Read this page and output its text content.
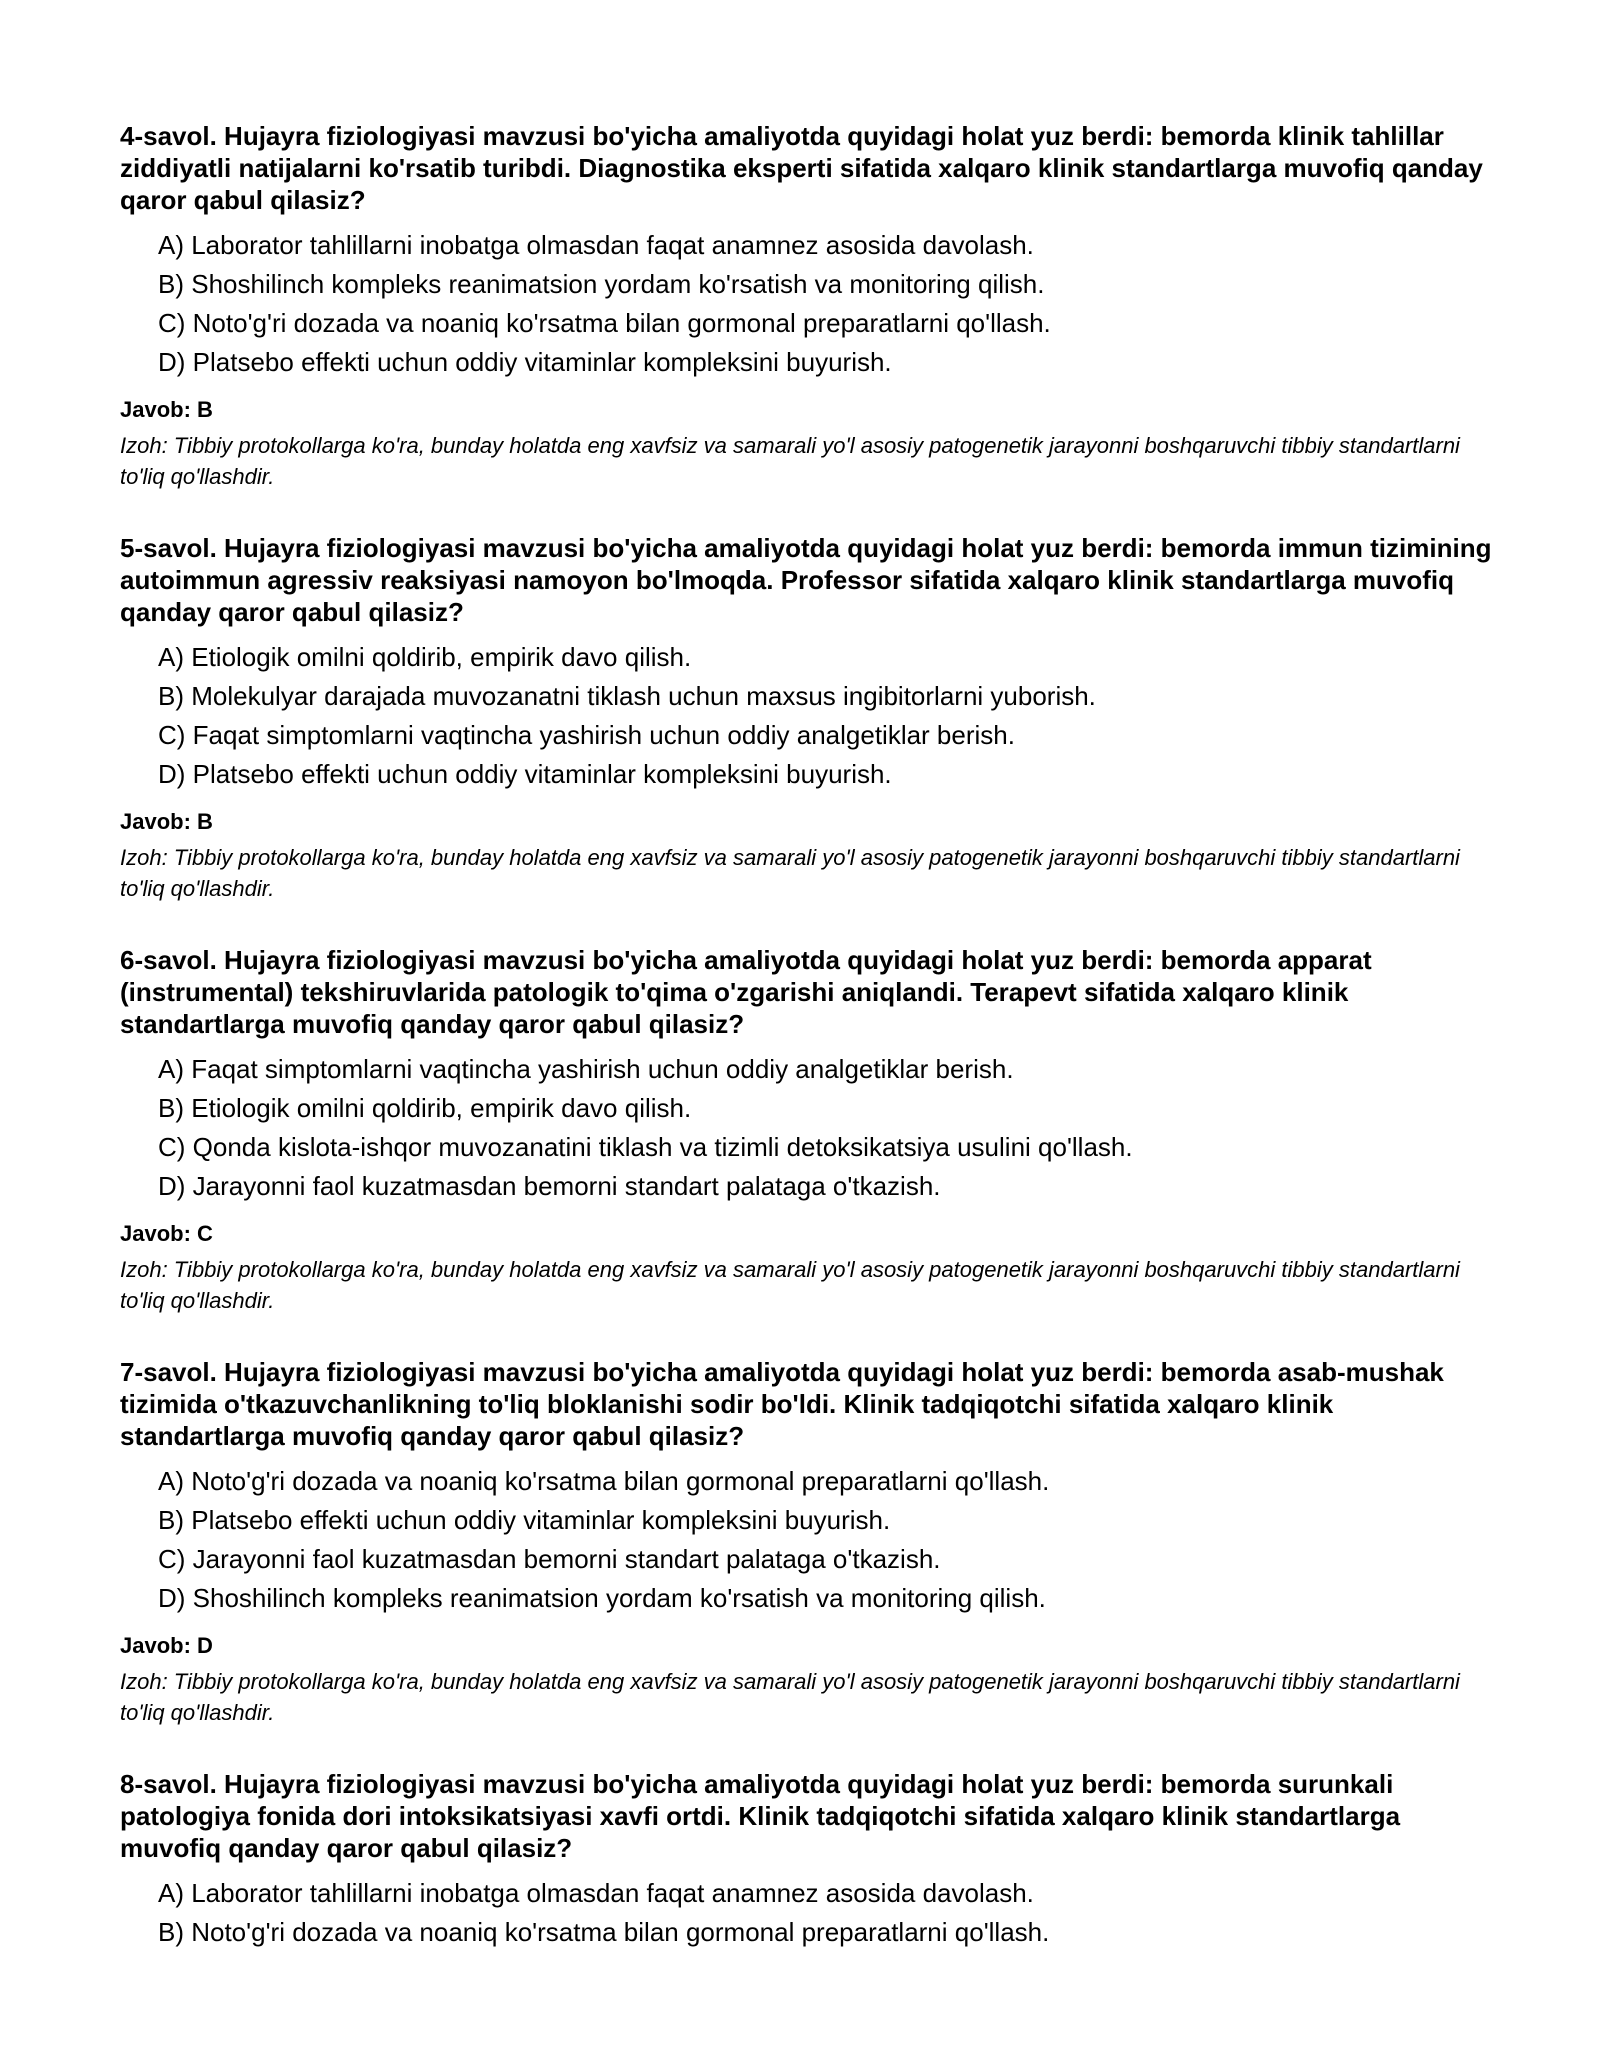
4-savol. Hujayra fiziologiyasi mavzusi bo'yicha amaliyotda quyidagi holat yuz berdi: bemorda klinik tahlillar ziddiyatli natijalarni ko'rsatib turibdi. Diagnostika eksperti sifatida xalqaro klinik standartlarga muvofiq qanday qaror qabul qilasiz?

A) Laborator tahlillarni inobatga olmasdan faqat anamnez asosida davolash.
B) Shoshilinch kompleks reanimatsion yordam ko'rsatish va monitoring qilish.
C) Noto'g'ri dozada va noaniq ko'rsatma bilan gormonal preparatlarni qo'llash.
D) Platsebo effekti uchun oddiy vitaminlar kompleksini buyurish.

Javob: B

Izoh: Tibbiy protokollarga ko'ra, bunday holatda eng xavfsiz va samarali yo'l asosiy patogenetik jarayonni boshqaruvchi tibbiy standartlarni to'liq qo'llashdir.

5-savol. Hujayra fiziologiyasi mavzusi bo'yicha amaliyotda quyidagi holat yuz berdi: bemorda immun tizimining autoimmun agressiv reaksiyasi namoyon bo'lmoqda. Professor sifatida xalqaro klinik standartlarga muvofiq qanday qaror qabul qilasiz?

A) Etiologik omilni qoldirib, empirik davo qilish.
B) Molekulyar darajada muvozanatni tiklash uchun maxsus ingibitorlarni yuborish.
C) Faqat simptomlarni vaqtincha yashirish uchun oddiy analgetiklar berish.
D) Platsebo effekti uchun oddiy vitaminlar kompleksini buyurish.

Javob: B

Izoh: Tibbiy protokollarga ko'ra, bunday holatda eng xavfsiz va samarali yo'l asosiy patogenetik jarayonni boshqaruvchi tibbiy standartlarni to'liq qo'llashdir.

6-savol. Hujayra fiziologiyasi mavzusi bo'yicha amaliyotda quyidagi holat yuz berdi: bemorda apparat (instrumental) tekshiruvlarida patologik to'qima o'zgarishi aniqlandi. Terapevt sifatida xalqaro klinik standartlarga muvofiq qanday qaror qabul qilasiz?

A) Faqat simptomlarni vaqtincha yashirish uchun oddiy analgetiklar berish.
B) Etiologik omilni qoldirib, empirik davo qilish.
C) Qonda kislota-ishqor muvozanatini tiklash va tizimli detoksikatsiya usulini qo'llash.
D) Jarayonni faol kuzatmasdan bemorni standart palataga o'tkazish.

Javob: C

Izoh: Tibbiy protokollarga ko'ra, bunday holatda eng xavfsiz va samarali yo'l asosiy patogenetik jarayonni boshqaruvchi tibbiy standartlarni to'liq qo'llashdir.

7-savol. Hujayra fiziologiyasi mavzusi bo'yicha amaliyotda quyidagi holat yuz berdi: bemorda asab-mushak tizimida o'tkazuvchanlikning to'liq bloklanishi sodir bo'ldi. Klinik tadqiqotchi sifatida xalqaro klinik standartlarga muvofiq qanday qaror qabul qilasiz?

A) Noto'g'ri dozada va noaniq ko'rsatma bilan gormonal preparatlarni qo'llash.
B) Platsebo effekti uchun oddiy vitaminlar kompleksini buyurish.
C) Jarayonni faol kuzatmasdan bemorni standart palataga o'tkazish.
D) Shoshilinch kompleks reanimatsion yordam ko'rsatish va monitoring qilish.

Javob: D

Izoh: Tibbiy protokollarga ko'ra, bunday holatda eng xavfsiz va samarali yo'l asosiy patogenetik jarayonni boshqaruvchi tibbiy standartlarni to'liq qo'llashdir.

8-savol. Hujayra fiziologiyasi mavzusi bo'yicha amaliyotda quyidagi holat yuz berdi: bemorda surunkali patologiya fonida dori intoksikatsiyasi xavfi ortdi. Klinik tadqiqotchi sifatida xalqaro klinik standartlarga muvofiq qanday qaror qabul qilasiz?

A) Laborator tahlillarni inobatga olmasdan faqat anamnez asosida davolash.
B) Noto'g'ri dozada va noaniq ko'rsatma bilan gormonal preparatlarni qo'llash.
